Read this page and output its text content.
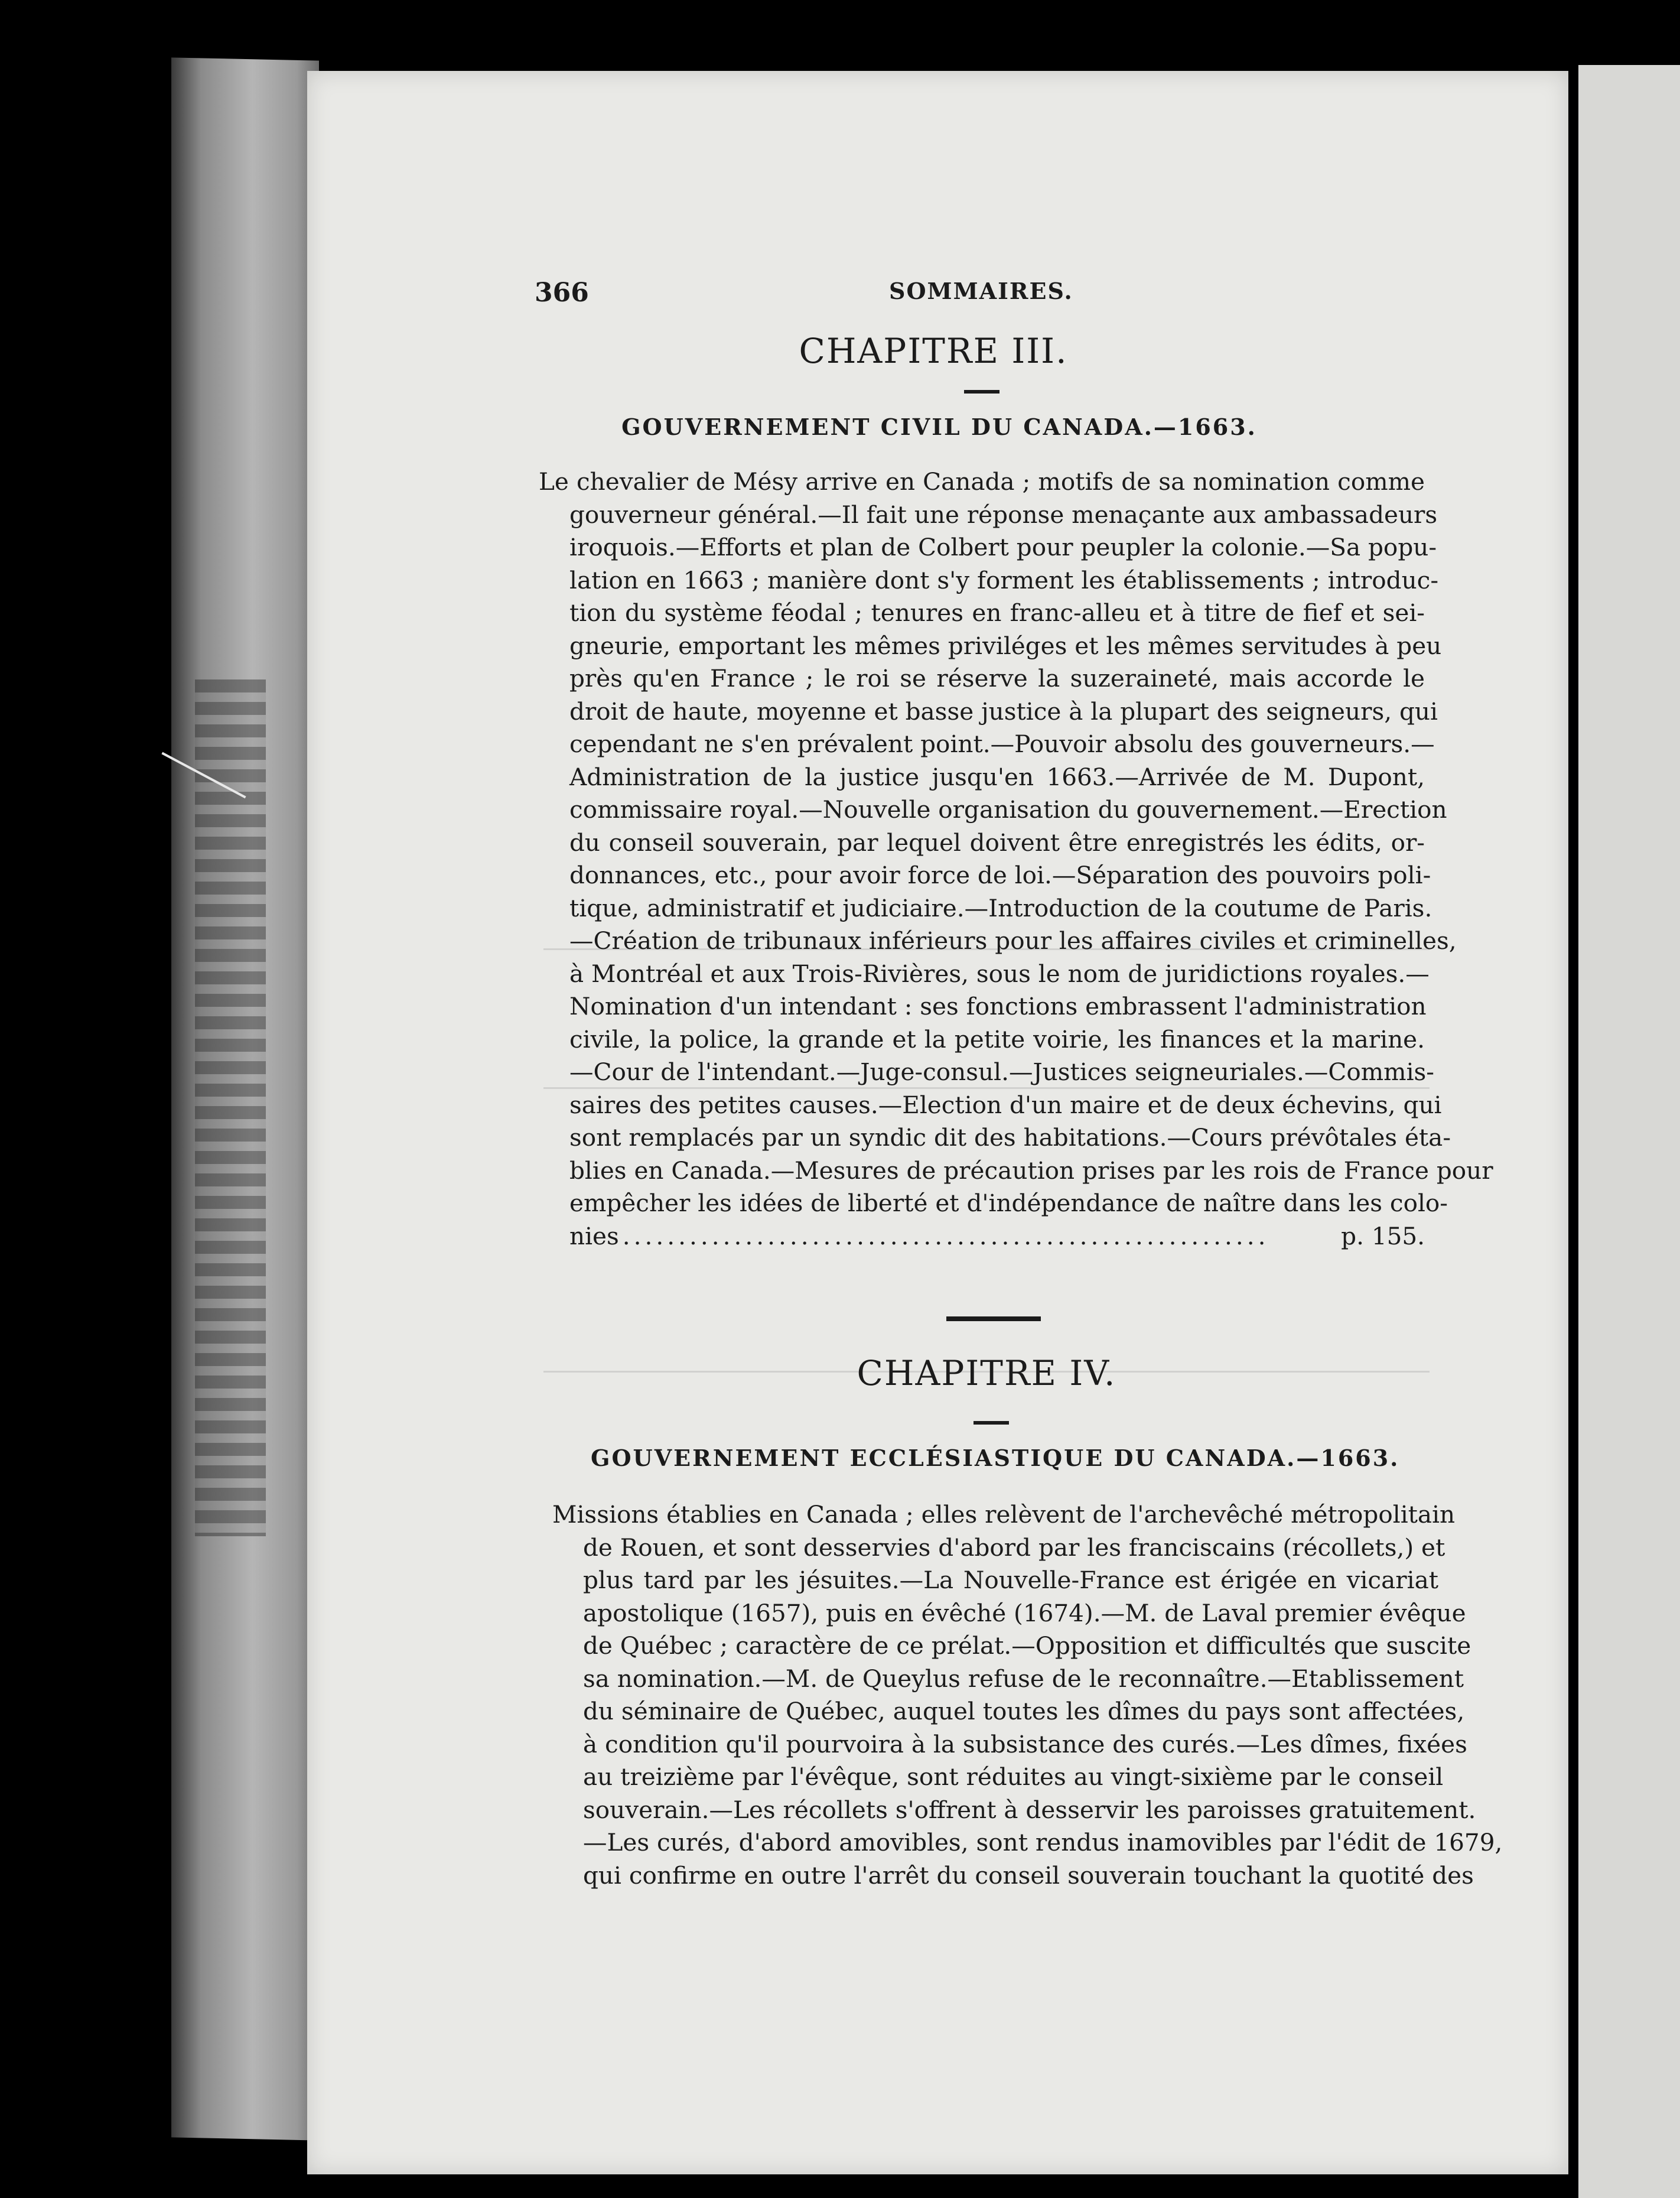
366	SOMMAIRES.
CHAPITRE III.
GOUVERNEMENT CIVIL DU CANADA.—1663.
Le chevalier de Mésy arrive en Canada ; motifs de sa nomination comme
gouverneur général.—Il fait une réponse menaçante aux ambassadeurs
iroquois.—Efforts et plan de Colbert pour peupler la colonie.—Sa popu-
lation en 1663 ; manière dont s'y forment les établissements ; introduc-
tion du système féodal ; tenures en franc-alleu et à titre de fief et sei-
gneurie, emportant les mêmes priviléges et les mêmes servitudes à peu
près qu'en France ; le roi se réserve la suzeraineté, mais accorde le
droit de haute, moyenne et basse justice à la plupart des seigneurs, qui
cependant ne s'en prévalent point.—Pouvoir absolu des gouverneurs.—
Administration de la justice jusqu'en 1663.—Arrivée de M. Dupont,
commissaire royal.—Nouvelle organisation du gouvernement.—Erection
du conseil souverain, par lequel doivent être enregistrés les édits, or-
donnances, etc., pour avoir force de loi.—Séparation des pouvoirs poli-
tique, administratif et judiciaire.—Introduction de la coutume de Paris.
—Création de tribunaux inférieurs pour les affaires civiles et criminelles,
à Montréal et aux Trois-Rivières, sous le nom de juridictions royales.—
Nomination d'un intendant : ses fonctions embrassent l'administration
civile, la police, la grande et la petite voirie, les finances et la marine.
—Cour de l'intendant.—Juge-consul.—Justices seigneuriales.—Commis-
saires des petites causes.—Election d'un maire et de deux échevins, qui
sont remplacés par un syndic dit des habitations.—Cours prévôtales éta-
blies en Canada.—Mesures de précaution prises par les rois de France pour
empêcher les idées de liberté et d'indépendance de naître dans les colo-
nies ..........................................................	p. 155.
CHAPITRE IV.
GOUVERNEMENT ECCLÉSIASTIQUE DU CANADA.—1663.
Missions établies en Canada ; elles relèvent de l'archevêché métropolitain
de Rouen, et sont desservies d'abord par les franciscains (récollets,) et
plus tard par les jésuites.—La Nouvelle-France est érigée en vicariat
apostolique (1657), puis en évêché (1674).—M. de Laval premier évêque
de Québec ; caractère de ce prélat.—Opposition et difficultés que suscite
sa nomination.—M. de Queylus refuse de le reconnaître.—Etablissement
du séminaire de Québec, auquel toutes les dîmes du pays sont affectées,
à condition qu'il pourvoira à la subsistance des curés.—Les dîmes, fixées
au treizième par l'évêque, sont réduites au vingt-sixième par le conseil
souverain.—Les récollets s'offrent à desservir les paroisses gratuitement.
—Les curés, d'abord amovibles, sont rendus inamovibles par l'édit de 1679,
qui confirme en outre l'arrêt du conseil souverain touchant la quotité des
